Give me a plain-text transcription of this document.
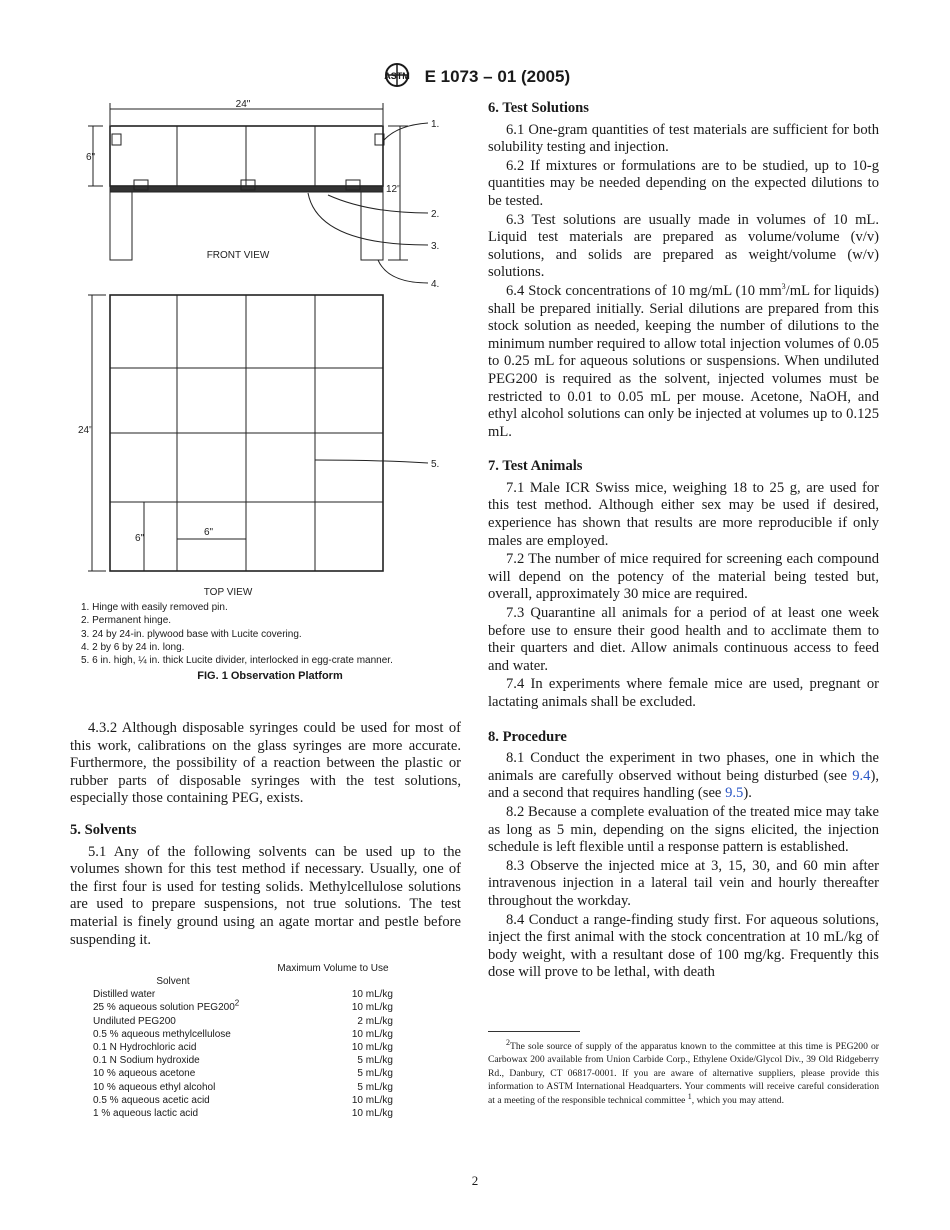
ASTM E 1073 – 01 (2005)
24"
6"
12"
FRONT VIEW
24"
6"
6"
1.
2.
3.
4.
5.
TOP VIEW
1. Hinge with easily removed pin.
2. Permanent hinge.
3. 24 by 24-in. plywood base with Lucite covering.
4. 2 by 6 by 24 in. long.
5. 6 in. high, ¼ in. thick Lucite divider, interlocked in egg-crate manner.
FIG. 1 Observation Platform

4.3.2 Although disposable syringes could be used for most of this work, calibrations on the glass syringes are more accurate. Furthermore, the possibility of a reaction between the plastic or rubber parts of disposable syringes with the test solutions, especially those containing PEG, exists.

5. Solvents

5.1 Any of the following solvents can be used up to the volumes shown for this test method if necessary. Usually, one of the first four is used for testing solids. Methylcellulose solutions are used to prepare suspensions, not true solutions. The test material is finely ground using an agate mortar and pestle before suspending it.

Solvent
Maximum Volume to Use
Distilled water	10 mL/kg
25 % aqueous solution $PEG200^2$	10 mL/kg
Undiluted PEG200	2 mL/kg
0.5 % aqueous methylcellulose	10 mL/kg
0.1 N Hydrochloric acid	10 mL/kg
0.1 N Sodium hydroxide	5 mL/kg
10 % aqueous acetone	5 mL/kg
10 % aqueous ethyl alcohol	5 mL/kg
0.5 % aqueous acetic acid	10 mL/kg
1 % aqueous lactic acid	10 mL/kg
6. Test Solutions

6.1 One-gram quantities of test materials are sufficient for both solubility testing and injection.

6.2 If mixtures or formulations are to be studied, up to 10-g quantities may be needed depending on the expected dilutions to be tested.

6.3 Test solutions are usually made in volumes of 10 mL. Liquid test materials are prepared as volume/volume (v/v) solutions, and solids are prepared as weight/volume (w/v) solutions.

6.4 Stock concentrations of 10 mg/mL (10 $mm^3/mL$ for liquids) shall be prepared initially. Serial dilutions are prepared from this stock solution as needed, keeping the number of dilutions to the minimum number required to allow total injection volumes of 0.05 to 0.25 mL for aqueous solutions or suspensions. When undiluted PEG200 is required as the solvent, injected volumes must be restricted to 0.01 to 0.05 mL per mouse. Acetone, NaOH, and ethyl alcohol solutions can only be injected at volumes up to 0.125 mL.

7. Test Animals

7.1 Male ICR Swiss mice, weighing 18 to 25 g, are used for this test method. Although either sex may be used if desired, experience has shown that results are more reproducible if only males are employed.

7.2 The number of mice required for screening each compound will depend on the potency of the material being tested but, overall, approximately 30 mice are required.

7.3 Quarantine all animals for a period of at least one week before use to ensure their good health and to acclimate them to their quarters and diet. Allow animals continuous access to feed and water.

7.4 In experiments where female mice are used, pregnant or lactating animals shall be excluded.

8. Procedure

8.1 Conduct the experiment in two phases, one in which the animals are carefully observed without being disturbed (see 9.4), and a second that requires handling (see 9.5).

8.2 Because a complete evaluation of the treated mice may take as long as 5 min, depending on the signs elicited, the injection schedule is left flexible until a response pattern is established.

8.3 Observe the injected mice at 3, 15, 30, and 60 min after intravenous injection in a lateral tail vein and hourly thereafter throughout the workday.

8.4 Conduct a range-finding study first. For aqueous solutions, inject the first animal with the stock concentration at 10 mL/kg of body weight, with a resultant dose of 100 mg/kg. Frequently this dose will prove to be lethal, with death

$^2$The sole source of supply of the apparatus known to the committee at this time is PEG200 or Carbowax 200 available from Union Carbide Corp., Ethylene Oxide/Glycol Div., 39 Old Ridgeberry Rd., Danbury, CT 06817-0001. If you are aware of alternative suppliers, please provide this information to ASTM International Headquarters. Your comments will receive careful consideration at a meeting of the responsible technical committee $^1$, which you may attend.
2
